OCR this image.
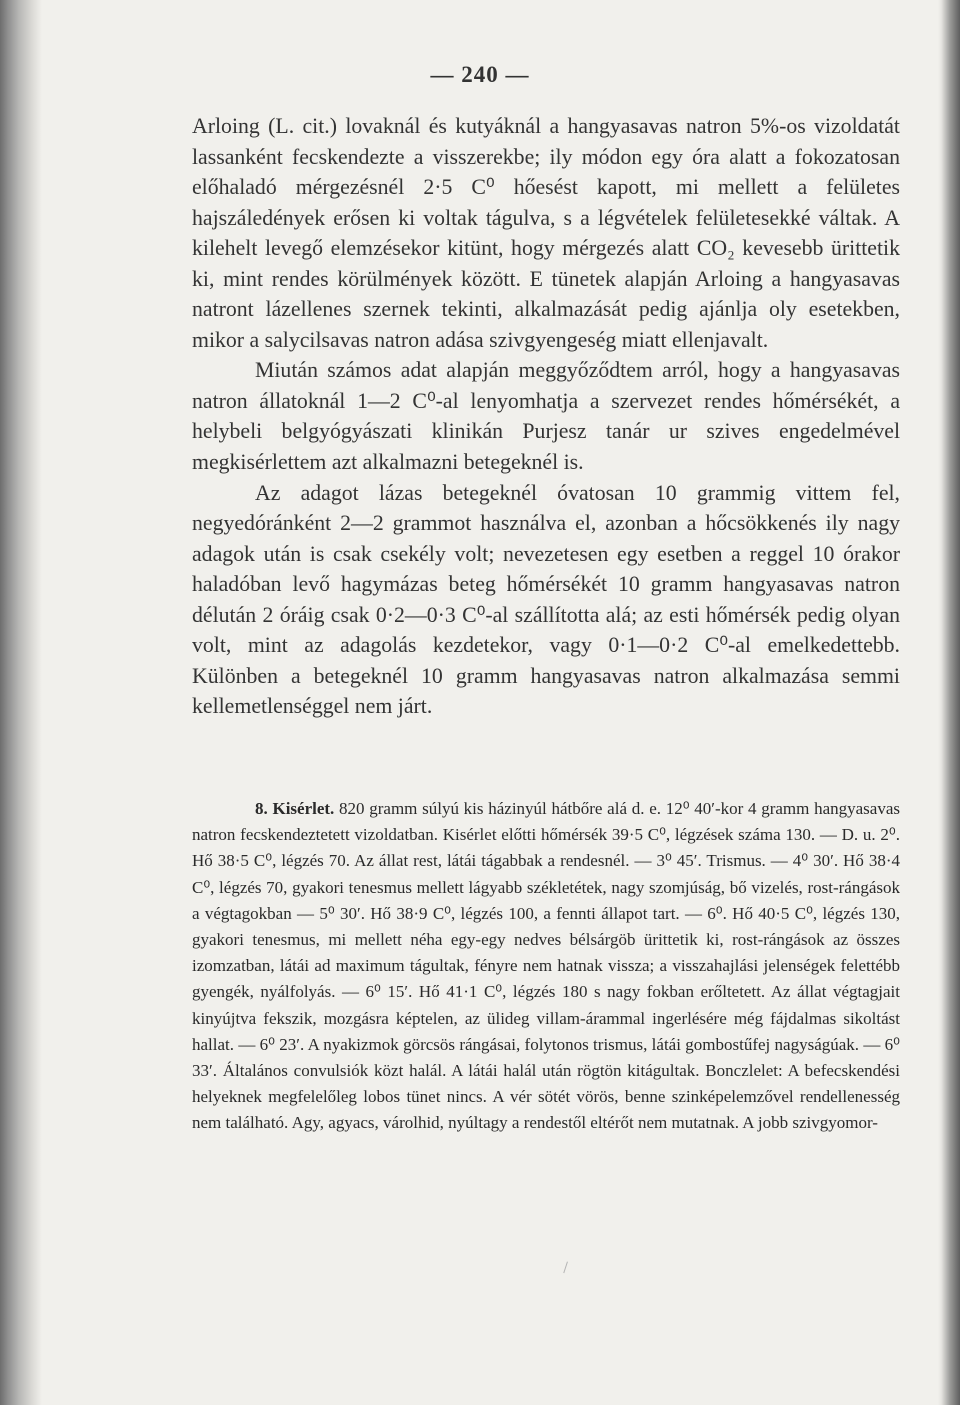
— 240 —

Arloing (L. cit.) lovaknál és kutyáknál a hangyasavas natron 5%-os vizoldatát lassanként fecskendezte a visszerekbe; ily módon egy óra alatt a fokozatosan előhaladó mérgezésnél 2·5 C⁰ hőesést kapott, mi mellett a felületes hajszáledények erősen ki voltak tágulva, s a légvételek felületesekké váltak. A kilehelt levegő elemzésekor kitünt, hogy mérgezés alatt CO₂ kevesebb ürittetik ki, mint rendes körülmények között. E tünetek alapján Arloing a hangyasavas natront lázellenes szernek tekinti, alkalmazását pedig ajánlja oly esetekben, mikor a salycilsavas natron adása szivgyengeség miatt ellenjavalt.

Miután számos adat alapján meggyőződtem arról, hogy a hangyasavas natron állatoknál 1—2 C⁰-al lenyomhatja a szervezet rendes hőmérsékét, a helybeli belgyógyászati klinikán Purjesz tanár ur szives engedelmével megkisérlettem azt alkalmazni betegeknél is.

Az adagot lázas betegeknél óvatosan 10 grammig vittem fel, negyedóránként 2—2 grammot használva el, azonban a hőcsökkenés ily nagy adagok után is csak csekély volt; nevezetesen egy esetben a reggel 10 órakor haladóban levő hagymázas beteg hőmérsékét 10 gramm hangyasavas natron délután 2 óráig csak 0·2—0·3 C⁰-al szállította alá; az esti hőmérsék pedig olyan volt, mint az adagolás kezdetekor, vagy 0·1—0·2 C⁰-al emelkedettebb. Különben a betegeknél 10 gramm hangyasavas natron alkalmazása semmi kellemetlenséggel nem járt.

8. Kisérlet. 820 gramm súlyú kis házinyúl hátbőre alá d. e. 12⁰ 40′-kor 4 gramm hangyasavas natron fecskendeztetett vizoldatban. Kisérlet előtti hőmérsék 39·5 C⁰, légzések száma 130. — D. u. 2⁰. Hő 38·5 C⁰, légzés 70. Az állat rest, látái tágabbak a rendesnél. — 3⁰ 45′. Trismus. — 4⁰ 30′. Hő 38·4 C⁰, légzés 70, gyakori tenesmus mellett lágyabb székletétek, nagy szomjúság, bő vizelés, rost-rángások a végtagokban — 5⁰ 30′. Hő 38·9 C⁰, légzés 100, a fennti állapot tart. — 6⁰. Hő 40·5 C⁰, légzés 130, gyakori tenesmus, mi mellett néha egy-egy nedves bélsárgöb ürittetik ki, rost-rángások az összes izomzatban, látái ad maximum tágultak, fényre nem hatnak vissza; a visszahajlási jelenségek felettébb gyengék, nyálfolyás. — 6⁰ 15′. Hő 41·1 C⁰, légzés 180 s nagy fokban erőltetett. Az állat végtagjait kinyújtva fekszik, mozgásra képtelen, az ülideg villam-árammal ingerlésére még fájdalmas sikoltást hallat. — 6⁰ 23′. A nyakizmok görcsös rángásai, folytonos trismus, látái gombostűfej nagyságúak. — 6⁰ 33′. Általános convulsiók közt halál. A látái halál után rögtön kitágultak. Bonczlelet: A befecskendési helyeknek megfelelőleg lobos tünet nincs. A vér sötét vörös, benne szinképelemzővel rendellenesség nem található. Agy, agyacs, várolhid, nyúltagy a rendestől eltérőt nem mutatnak. A jobb szivgyomor-
